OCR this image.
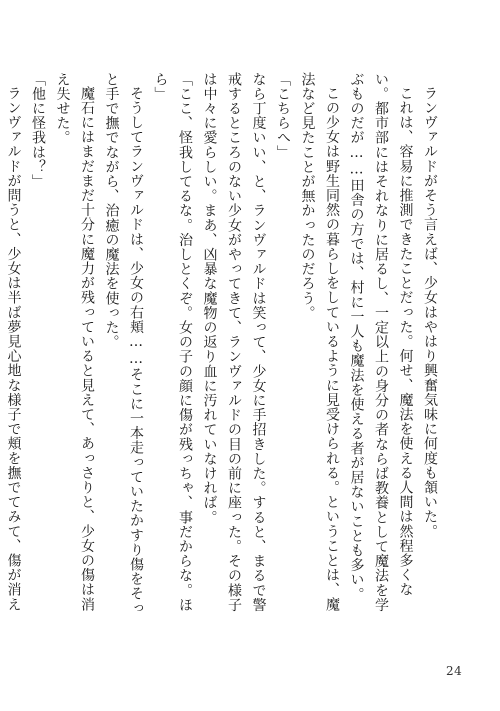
ランヴァルドがそう言えば、少女はやはり興奮気味に何度も頷いた。
これは、容易に推測できたことだった。何せ、魔法を使える人間は然程多くない。都市部にはそれなりに居るし、一定以上の身分の者ならば教養として魔法を学ぶものだが……田舎の方では、村に一人も魔法を使える者が居ないことも多い。
この少女は野生同然の暮らしをしているように見受けられる。ということは、魔法など見たことが無かったのだろう。
「こちらへ」
なら丁度いい、と、ランヴァルドは笑って、少女に手招きした。すると、まるで警戒するところのない少女がやってきて、ランヴァルドの目の前に座った。その様子は中々に愛らしい。まあ、凶暴な魔物の返り血に汚れていなければ。
「ここ、怪我してるな。治しとくぞ。女の子の顔に傷が残っちゃ、事だからな。ほら」
そうしてランヴァルドは、少女の右頬……そこに一本走っていたかすり傷をそっと手で撫でながら、治癒の魔法を使った。
魔石にはまだまだ十分に魔力が残っていると見えて、あっさりと、少女の傷は消え失せた。
「他に怪我は？」
ランヴァルドが問うと、少女は半ば夢見心地な様子で頬を撫でてみて、傷が消え
24
